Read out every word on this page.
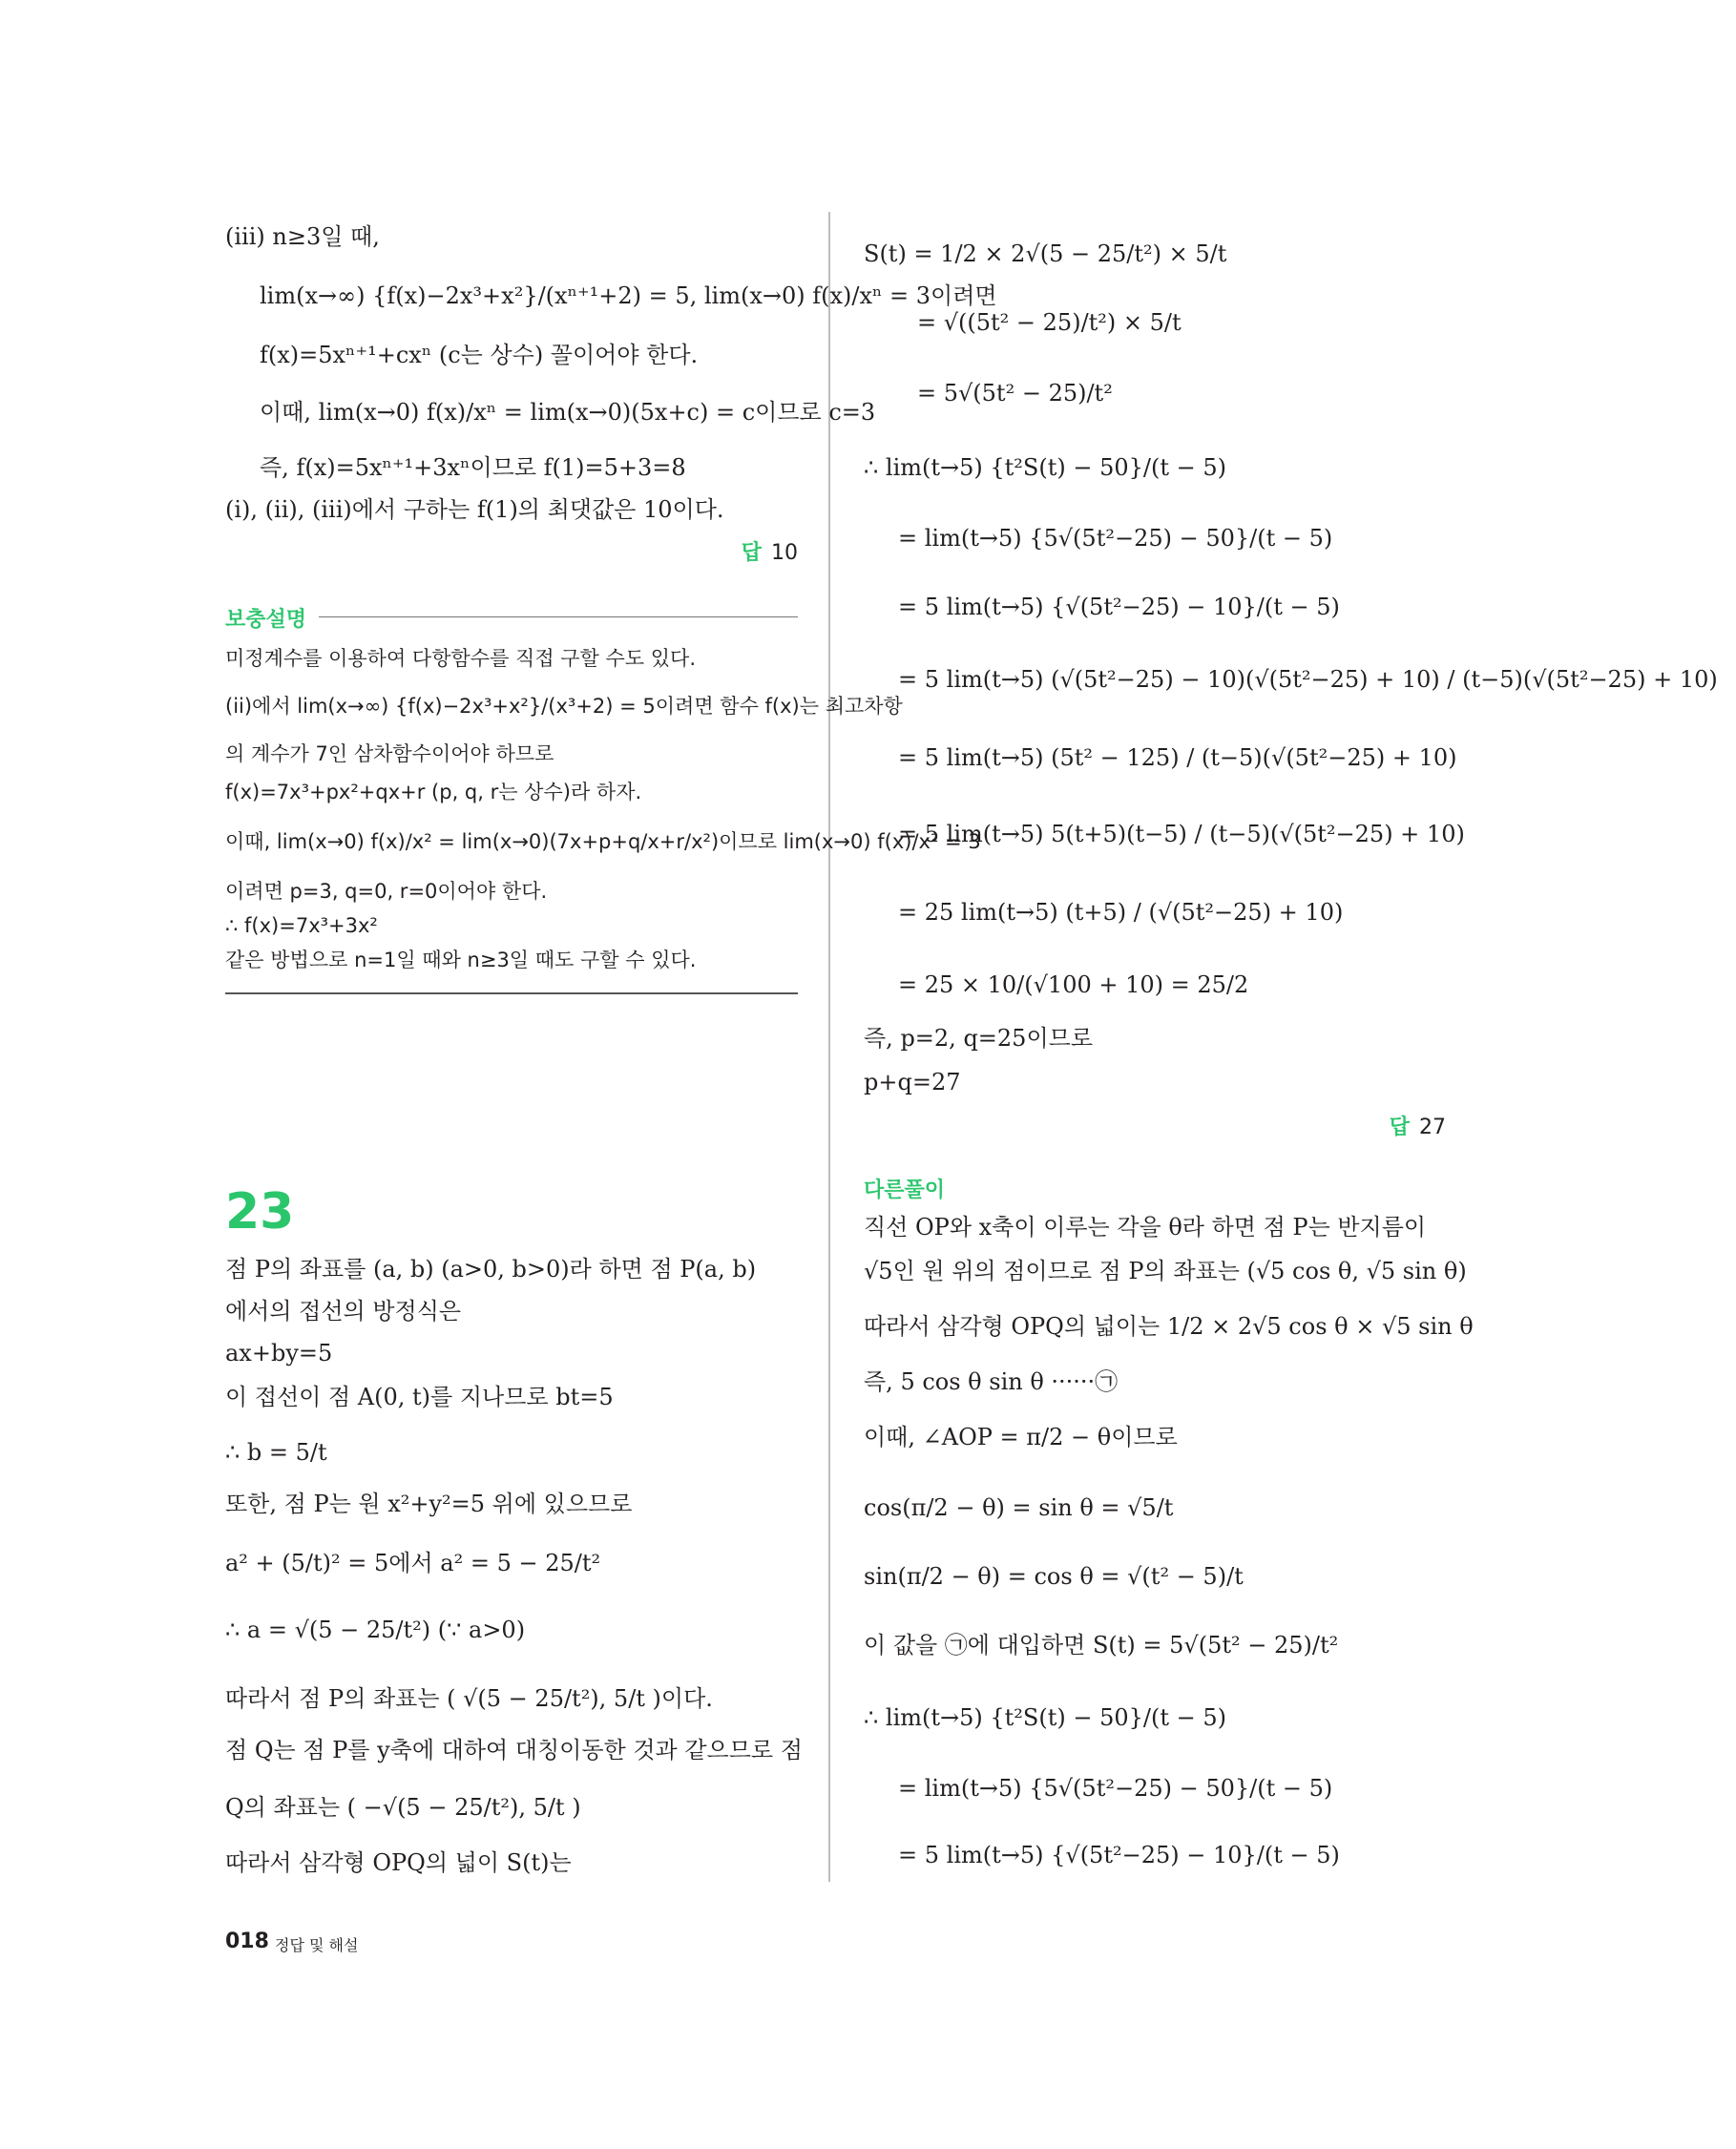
(iii) n≥3일 때,
lim(x→∞) {f(x)−2x³+x²}/(xⁿ⁺¹+2) = 5, lim(x→0) f(x)/xⁿ = 3이려면
f(x)=5xⁿ⁺¹+cxⁿ (c는 상수) 꼴이어야 한다.
이때, lim(x→0) f(x)/xⁿ = lim(x→0)(5x+c) = c이므로 c=3
즉, f(x)=5xⁿ⁺¹+3xⁿ이므로 f(1)=5+3=8
(i), (ii), (iii)에서 구하는 f(1)의 최댓값은 10이다.
답 10
보충설명
미정계수를 이용하여 다항함수를 직접 구할 수도 있다.
(ii)에서 lim(x→∞) {f(x)−2x³+x²}/(x³+2) = 5이려면 함수 f(x)는 최고차항
의 계수가 7인 삼차함수이어야 하므로
f(x)=7x³+px²+qx+r (p, q, r는 상수)라 하자.
이때, lim(x→0) f(x)/x² = lim(x→0)(7x+p+q/x+r/x²)이므로 lim(x→0) f(x)/x² = 3
이려면 p=3, q=0, r=0이어야 한다.
∴ f(x)=7x³+3x²
같은 방법으로 n=1일 때와 n≥3일 때도 구할 수 있다.
23
점 P의 좌표를 (a, b) (a>0, b>0)라 하면 점 P(a, b)
에서의 접선의 방정식은
ax+by=5
이 접선이 점 A(0, t)를 지나므로 bt=5
∴ b = 5/t
또한, 점 P는 원 x²+y²=5 위에 있으므로
a² + (5/t)² = 5에서 a² = 5 − 25/t²
∴ a = √(5 − 25/t²) (∵ a>0)
따라서 점 P의 좌표는 ( √(5 − 25/t²), 5/t )이다.
점 Q는 점 P를 y축에 대하여 대칭이동한 것과 같으므로 점
Q의 좌표는 ( −√(5 − 25/t²), 5/t )
따라서 삼각형 OPQ의 넓이 S(t)는
018 정답 및 해설
S(t) = 1/2 × 2√(5 − 25/t²) × 5/t
= √((5t² − 25)/t²) × 5/t
= 5√(5t² − 25)/t²
∴ lim(t→5) {t²S(t) − 50}/(t − 5)
= lim(t→5) {5√(5t²−25) − 50}/(t − 5)
= 5 lim(t→5) {√(5t²−25) − 10}/(t − 5)
= 5 lim(t→5) (√(5t²−25) − 10)(√(5t²−25) + 10) / (t−5)(√(5t²−25) + 10)
= 5 lim(t→5) (5t² − 125) / (t−5)(√(5t²−25) + 10)
= 5 lim(t→5) 5(t+5)(t−5) / (t−5)(√(5t²−25) + 10)
= 25 lim(t→5) (t+5) / (√(5t²−25) + 10)
= 25 × 10/(√100 + 10) = 25/2
즉, p=2, q=25이므로
p+q=27
답 27
다른풀이
직선 OP와 x축이 이루는 각을 θ라 하면 점 P는 반지름이
√5인 원 위의 점이므로 점 P의 좌표는 (√5 cos θ, √5 sin θ)
따라서 삼각형 OPQ의 넓이는 1/2 × 2√5 cos θ × √5 sin θ
즉, 5 cos θ sin θ ······㉠
이때, ∠AOP = π/2 − θ이므로
cos(π/2 − θ) = sin θ = √5/t
sin(π/2 − θ) = cos θ = √(t² − 5)/t
이 값을 ㉠에 대입하면 S(t) = 5√(5t² − 25)/t²
∴ lim(t→5) {t²S(t) − 50}/(t − 5)
= lim(t→5) {5√(5t²−25) − 50}/(t − 5)
= 5 lim(t→5) {√(5t²−25) − 10}/(t − 5)
